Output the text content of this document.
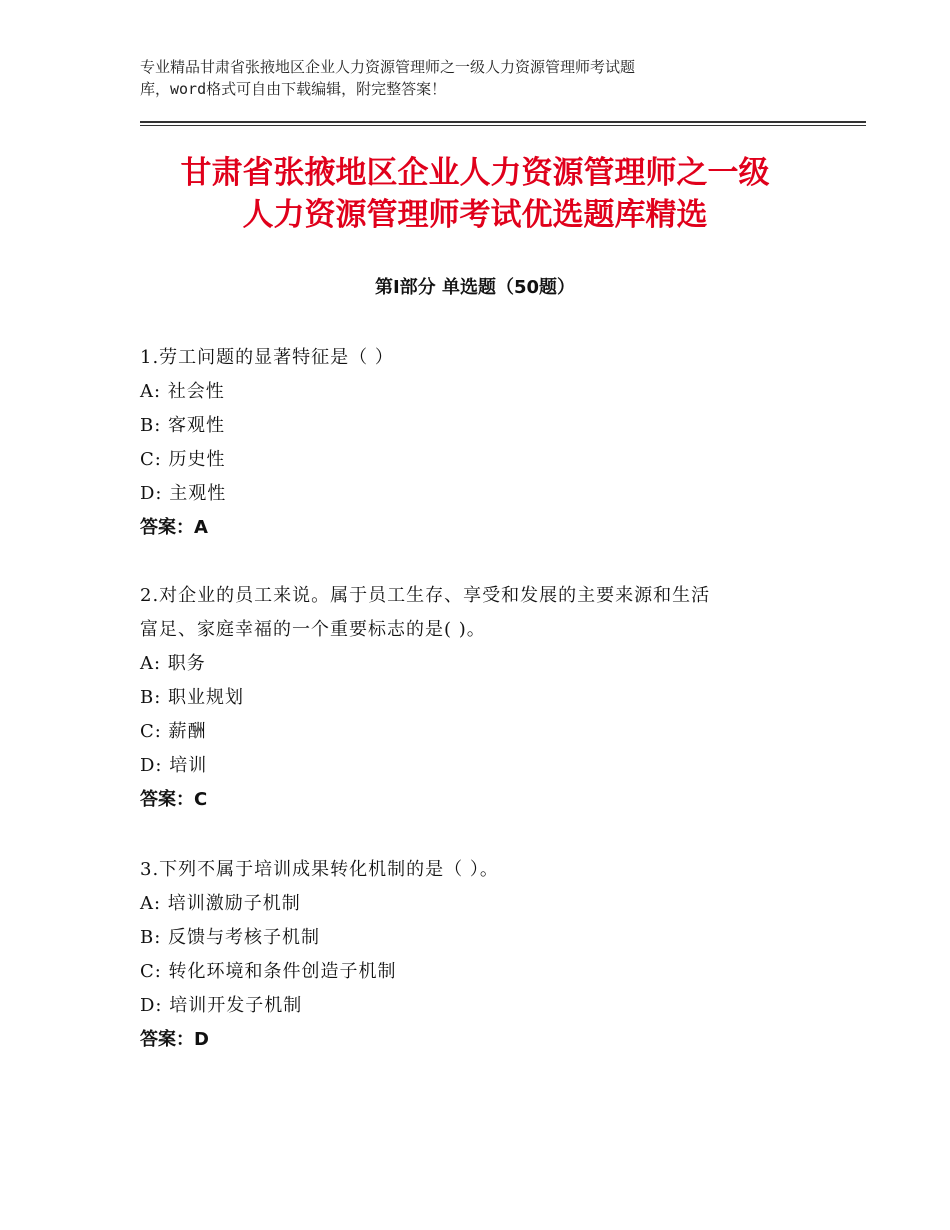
专业精品甘肃省张掖地区企业人力资源管理师之一级人力资源管理师考试题
库，word格式可自由下载编辑，附完整答案！
甘肃省张掖地区企业人力资源管理师之一级
人力资源管理师考试优选题库精选
第Ⅰ部分 单选题（50题）
1.劳工问题的显著特征是（ ）
A: 社会性
B: 客观性
C: 历史性
D: 主观性
答案：A
2.对企业的员工来说。属于员工生存、享受和发展的主要来源和生活
富足、家庭幸福的一个重要标志的是( )。
A: 职务
B: 职业规划
C: 薪酬
D: 培训
答案：C
3.下列不属于培训成果转化机制的是（ ）。
A: 培训激励子机制
B: 反馈与考核子机制
C: 转化环境和条件创造子机制
D: 培训开发子机制
答案：D
